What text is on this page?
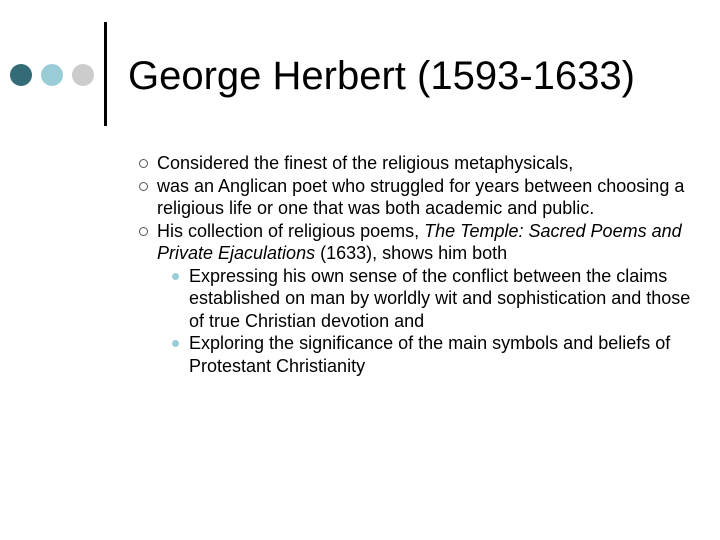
George Herbert (1593-1633)
Considered the finest of the religious metaphysicals,
was an Anglican poet who struggled for years between choosing a religious life or one that was both academic and public.
His collection of religious poems, The Temple: Sacred Poems and Private Ejaculations (1633), shows him both
Expressing his own sense of the conflict between the claims established on man by worldly wit and sophistication and those of true Christian devotion and
Exploring the significance of the main symbols and beliefs of Protestant Christianity
